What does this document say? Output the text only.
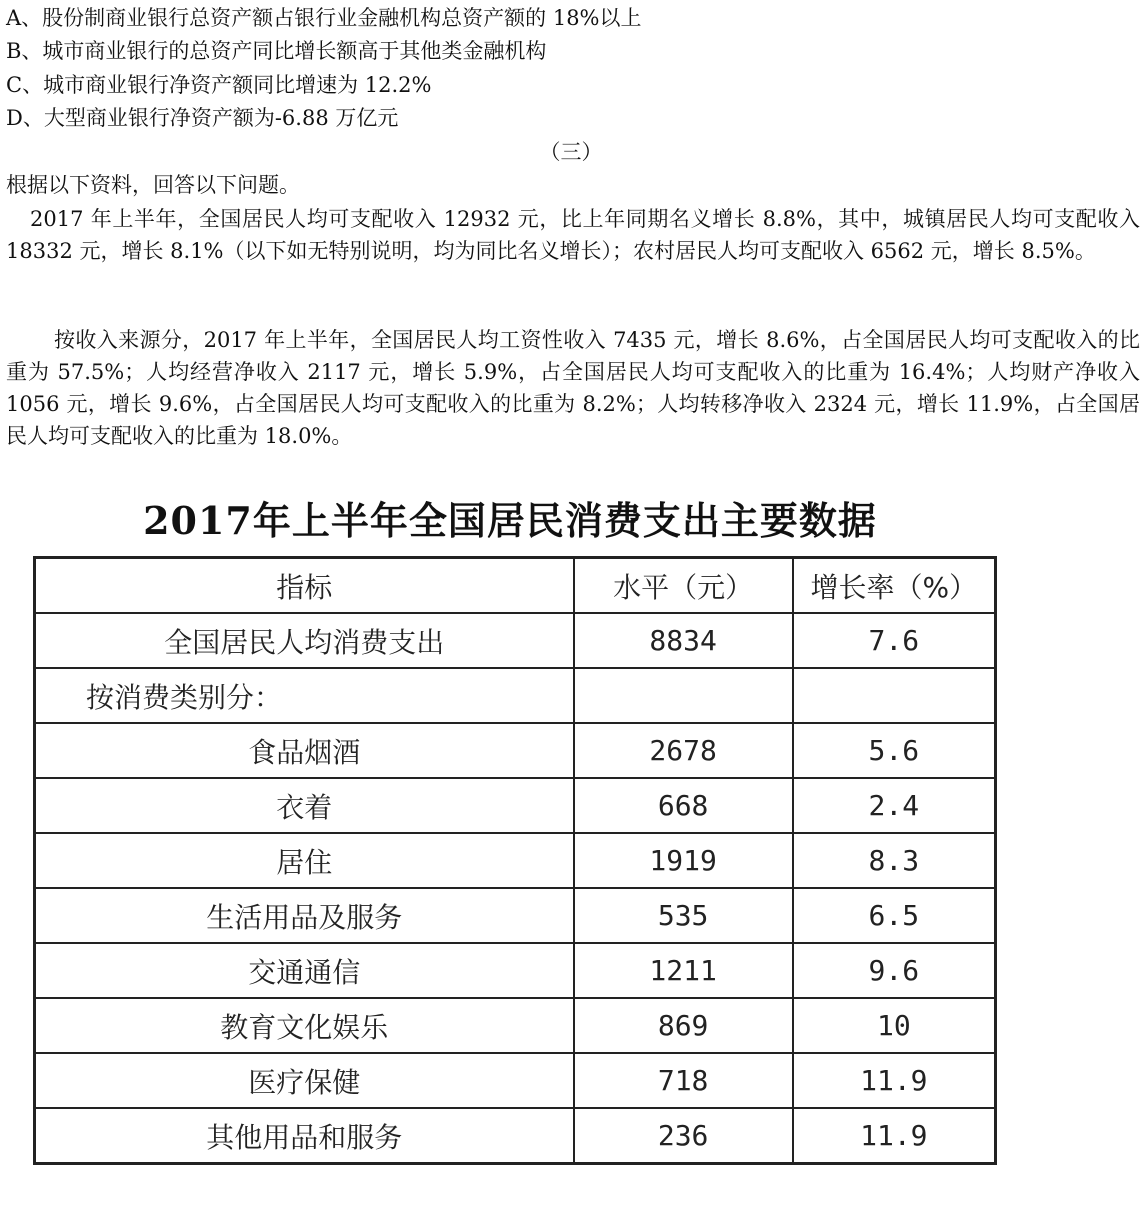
A、股份制商业银行总资产额占银行业金融机构总资产额的 18%以上
B、城市商业银行的总资产同比增长额高于其他类金融机构
C、城市商业银行净资产额同比增速为 12.2%
D、大型商业银行净资产额为-6.88 万亿元
（三）
根据以下资料，回答以下问题。
2017 年上半年，全国居民人均可支配收入 12932 元，比上年同期名义增长 8.8%，其中，城镇居民人均可支配收入 18332 元，增长 8.1%（以下如无特别说明，均为同比名义增长）；农村居民人均可支配收入 6562 元，增长 8.5%。
按收入来源分，2017 年上半年，全国居民人均工资性收入 7435 元，增长 8.6%，占全国居民人均可支配收入的比重为 57.5%；人均经营净收入 2117 元，增长 5.9%，占全国居民人均可支配收入的比重为 16.4%；人均财产净收入 1056 元，增长 9.6%，占全国居民人均可支配收入的比重为 8.2%；人均转移净收入 2324 元，增长 11.9%，占全国居民人均可支配收入的比重为 18.0%。
2017年上半年全国居民消费支出主要数据
指标	水平（元）	增长率（%）
全国居民人均消费支出	8834	7.6
按消费类别分：		
食品烟酒	2678	5.6
衣着	668	2.4
居住	1919	8.3
生活用品及服务	535	6.5
交通通信	1211	9.6
教育文化娱乐	869	10
医疗保健	718	11.9
其他用品和服务	236	11.9
